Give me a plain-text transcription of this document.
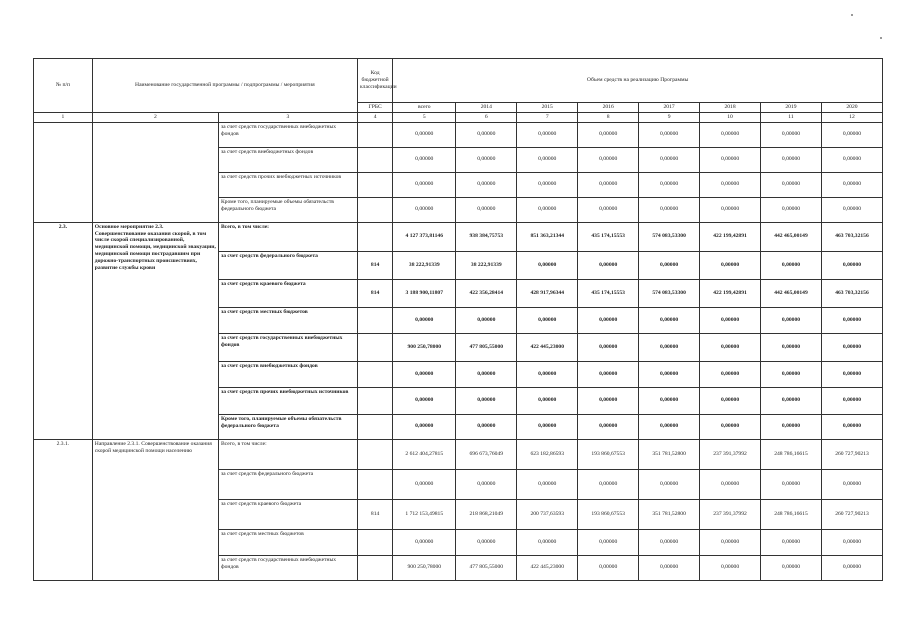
№ п/п	Наименование государственной программы / подпрограммы / мероприятия		Код бюджетной классификации	Объем средств на реализацию Программы							
			ГРБС	всего	2014	2015	2016	2017	2018	2019	2020
1	2	3	4	5	6	7	8	9	10	11	12
		за счет средств государственных внебюджетных фондов		0,00000	0,00000	0,00000	0,00000	0,00000	0,00000	0,00000	0,00000
		за счет средств внебюджетных фондов		0,00000	0,00000	0,00000	0,00000	0,00000	0,00000	0,00000	0,00000
		за счет средств прочих внебюджетных источников		0,00000	0,00000	0,00000	0,00000	0,00000	0,00000	0,00000	0,00000
		Кроме того, планируемые объемы обязательств федерального бюджета		0,00000	0,00000	0,00000	0,00000	0,00000	0,00000	0,00000	0,00000
2.3.	Основное мероприятие 2.3. Совершенствование оказания скорой, в том числе скорой специализированной, медицинской помощи, медицинской эвакуации, медицинской помощи пострадавшим при дорожно-транспортных происшествиях, развитие службы крови	Всего, в том числе:		4 127 373,81146	938 384,75753	851 363,21344	435 174,15553	574 083,53300	422 199,42891	442 465,00149	463 703,32156
		за счет средств федерального бюджета	814	38 222,91339	38 222,91339	0,00000	0,00000	0,00000	0,00000	0,00000	0,00000
		за счет средств краевого бюджета	814	3 188 900,11807	422 356,28414	428 917,96344	435 174,15553	574 083,53300	422 199,42891	442 465,00149	463 703,32156
		за счет средств местных бюджетов		0,00000	0,00000	0,00000	0,00000	0,00000	0,00000	0,00000	0,00000
		за счет средств государственных внебюджетных фондов		900 250,78000	477 805,55000	422 445,23000	0,00000	0,00000	0,00000	0,00000	0,00000
		за счет средств внебюджетных фондов		0,00000	0,00000	0,00000	0,00000	0,00000	0,00000	0,00000	0,00000
		за счет средств прочих внебюджетных источников		0,00000	0,00000	0,00000	0,00000	0,00000	0,00000	0,00000	0,00000
		Кроме того, планируемые объемы обязательств федерального бюджета		0,00000	0,00000	0,00000	0,00000	0,00000	0,00000	0,00000	0,00000
2.3.1.	Направление 2.3.1. Совершенствование оказания скорой медицинской помощи населению	Всего, в том числе:		2 612 404,27815	696 673,76049	623 182,86593	193 860,67553	351 781,52800	237 391,37992	248 786,16615	260 727,90213
		за счет средств федерального бюджета		0,00000	0,00000	0,00000	0,00000	0,00000	0,00000	0,00000	0,00000
		за счет средств краевого бюджета	814	1 712 153,49815	218 868,21049	200 737,63593	193 860,67553	351 781,52800	237 391,37992	248 786,16615	260 727,90213
		за счет средств местных бюджетов		0,00000	0,00000	0,00000	0,00000	0,00000	0,00000	0,00000	0,00000
		за счет средств государственных внебюджетных фондов		900 250,78000	477 805,55000	422 445,23000	0,00000	0,00000	0,00000	0,00000	0,00000
